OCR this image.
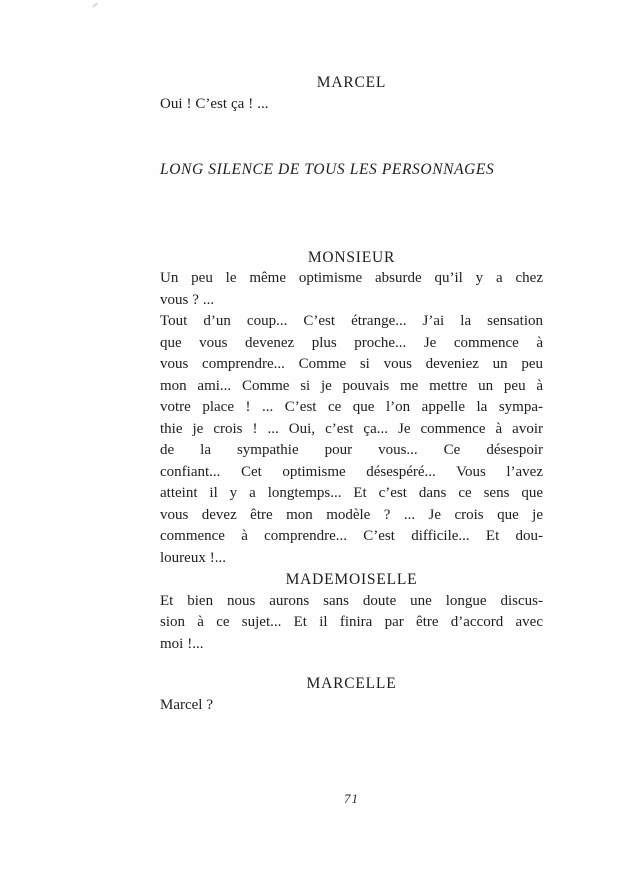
MARCEL
Oui ! C’est ça ! ...
LONG SILENCE DE TOUS LES PERSONNAGES
MONSIEUR
Un peu le même optimisme absurde qu’il y a chez
vous ? ...
Tout d’un coup... C’est étrange... J’ai la sensation
que vous devenez plus proche... Je commence à
vous comprendre... Comme si vous deveniez un peu
mon ami... Comme si je pouvais me mettre un peu à
votre place ! ... C’est ce que l’on appelle la sympa-
thie je crois ! ... Oui, c’est ça... Je commence à avoir
de la sympathie pour vous... Ce désespoir
confiant... Cet optimisme désespéré... Vous l’avez
atteint il y a longtemps... Et c’est dans ce sens que
vous devez être mon modèle ? ... Je crois que je
commence à comprendre... C’est difficile... Et dou-
loureux !...
MADEMOISELLE
Et bien nous aurons sans doute une longue discus-
sion à ce sujet... Et il finira par être d’accord avec
moi !...
MARCELLE
Marcel ?
71
